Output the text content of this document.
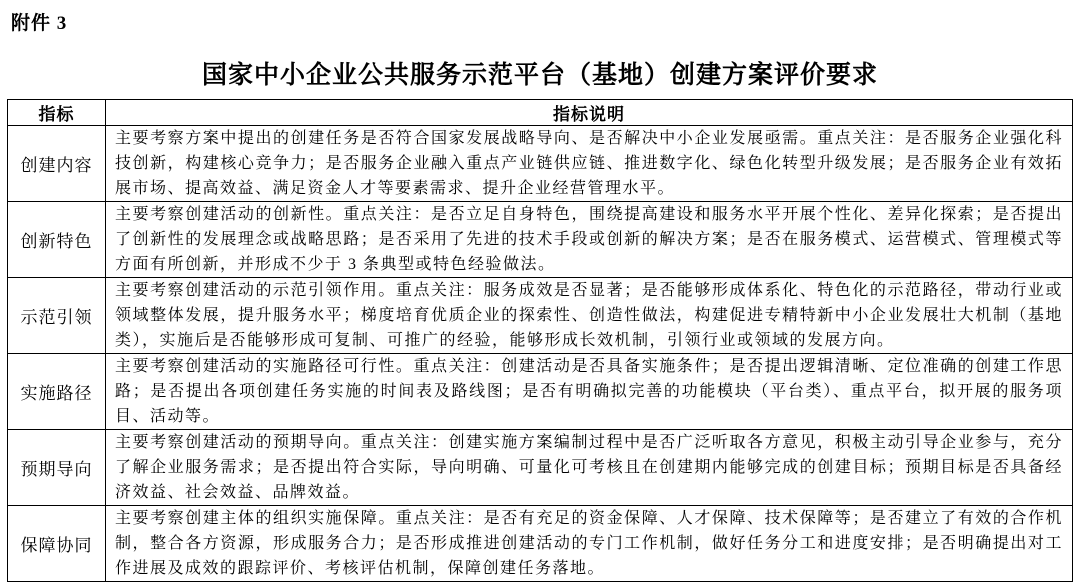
附件 3
国家中小企业公共服务示范平台（基地）创建方案评价要求
指标	指标说明
创建内容	主要考察方案中提出的创建任务是否符合国家发展战略导向、是否解决中小企业发展亟需。重点关注：是否服务企业强化科技创新，构建核心竞争力；是否服务企业融入重点产业链供应链、推进数字化、绿色化转型升级发展；是否服务企业有效拓展市场、提高效益、满足资金人才等要素需求、提升企业经营管理水平。
创新特色	主要考察创建活动的创新性。重点关注：是否立足自身特色，围绕提高建设和服务水平开展个性化、差异化探索；是否提出了创新性的发展理念或战略思路；是否采用了先进的技术手段或创新的解决方案；是否在服务模式、运营模式、管理模式等方面有所创新，并形成不少于 3 条典型或特色经验做法。
示范引领	主要考察创建活动的示范引领作用。重点关注：服务成效是否显著；是否能够形成体系化、特色化的示范路径，带动行业或领域整体发展，提升服务水平；梯度培育优质企业的探索性、创造性做法，构建促进专精特新中小企业发展壮大机制（基地类），实施后是否能够形成可复制、可推广的经验，能够形成长效机制，引领行业或领域的发展方向。
实施路径	主要考察创建活动的实施路径可行性。重点关注：创建活动是否具备实施条件；是否提出逻辑清晰、定位准确的创建工作思路；是否提出各项创建任务实施的时间表及路线图；是否有明确拟完善的功能模块（平台类）、重点平台，拟开展的服务项目、活动等。
预期导向	主要考察创建活动的预期导向。重点关注：创建实施方案编制过程中是否广泛听取各方意见，积极主动引导企业参与，充分了解企业服务需求；是否提出符合实际，导向明确、可量化可考核且在创建期内能够完成的创建目标；预期目标是否具备经济效益、社会效益、品牌效益。
保障协同	主要考察创建主体的组织实施保障。重点关注：是否有充足的资金保障、人才保障、技术保障等；是否建立了有效的合作机制，整合各方资源，形成服务合力；是否形成推进创建活动的专门工作机制，做好任务分工和进度安排；是否明确提出对工作进展及成效的跟踪评价、考核评估机制，保障创建任务落地。
